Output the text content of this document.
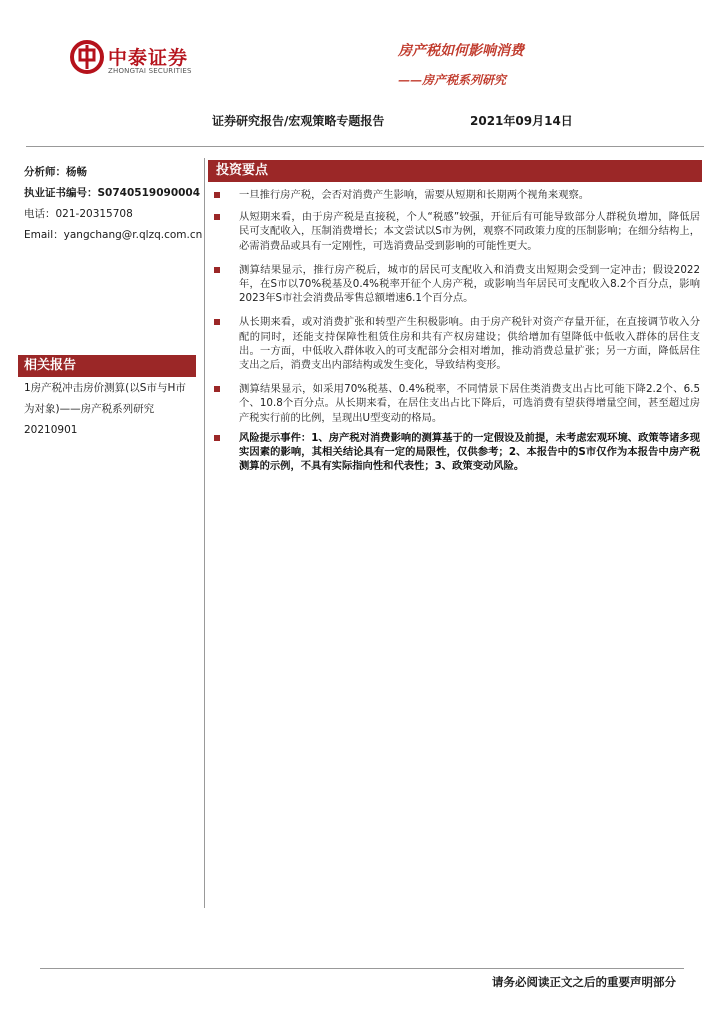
中泰证券
ZHONGTAI SECURITIES
房产税如何影响消费
——房产税系列研究
证券研究报告/宏观策略专题报告	2021年09月14日
分析师：杨畅
执业证书编号：S0740519090004
电话：021-20315708
Email：yangchang@r.qlzq.com.cn
相关报告
1房产税冲击房价测算(以S市与H市为对象)——房产税系列研究
20210901
投资要点
一旦推行房产税，会否对消费产生影响，需要从短期和长期两个视角来观察。
从短期来看，由于房产税是直接税，个人“税感”较强，开征后有可能导致部分人群税负增加，降低居民可支配收入，压制消费增长；本文尝试以S市为例，观察不同政策力度的压制影响；在细分结构上，必需消费品或具有一定刚性，可选消费品受到影响的可能性更大。
测算结果显示，推行房产税后，城市的居民可支配收入和消费支出短期会受到一定冲击；假设2022年，在S市以70%税基及0.4%税率开征个人房产税，或影响当年居民可支配收入8.2个百分点，影响2023年S市社会消费品零售总额增速6.1个百分点。
从长期来看，或对消费扩张和转型产生积极影响。由于房产税针对资产存量开征，在直接调节收入分配的同时，还能支持保障性租赁住房和共有产权房建设；供给增加有望降低中低收入群体的居住支出。一方面，中低收入群体收入的可支配部分会相对增加，推动消费总量扩张；另一方面，降低居住支出之后，消费支出内部结构或发生变化，导致结构变形。
测算结果显示，如采用70%税基、0.4%税率，不同情景下居住类消费支出占比可能下降2.2个、6.5个、10.8个百分点。从长期来看，在居住支出占比下降后，可选消费有望获得增量空间，甚至超过房产税实行前的比例，呈现出U型变动的格局。
风险提示事件：1、房产税对消费影响的测算基于的一定假设及前提，未考虑宏观环境、政策等诸多现实因素的影响，其相关结论具有一定的局限性，仅供参考；2、本报告中的S市仅作为本报告中房产税测算的示例，不具有实际指向性和代表性；3、政策变动风险。
请务必阅读正文之后的重要声明部分
